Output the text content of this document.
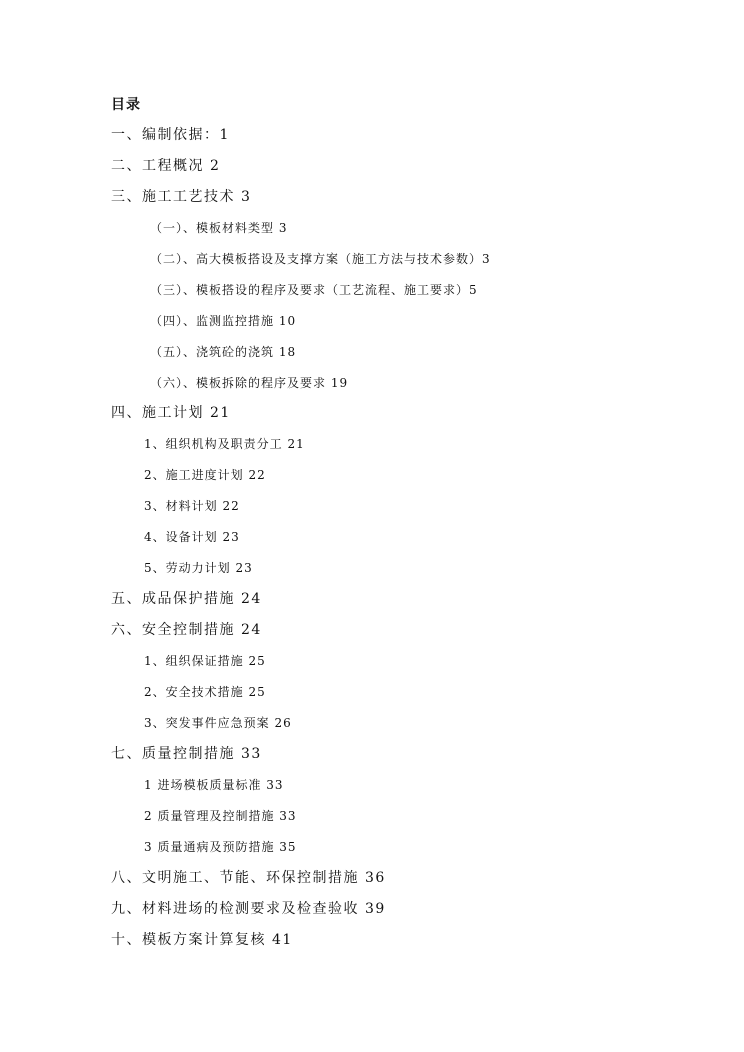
目录
一、编制依据：1
二、工程概况 2
三、施工工艺技术 3
（一）、模板材料类型 3
（二）、高大模板搭设及支撑方案（施工方法与技术参数）3
（三）、模板搭设的程序及要求（工艺流程、施工要求）5
（四）、监测监控措施 10
（五）、浇筑砼的浇筑 18
（六）、模板拆除的程序及要求 19
四、施工计划 21
1、组织机构及职责分工 21
2、施工进度计划 22
3、材料计划 22
4、设备计划 23
5、劳动力计划 23
五、成品保护措施 24
六、安全控制措施 24
1、组织保证措施 25
2、安全技术措施 25
3、突发事件应急预案 26
七、质量控制措施 33
1 进场模板质量标准 33
2 质量管理及控制措施 33
3 质量通病及预防措施 35
八、文明施工、节能、环保控制措施 36
九、材料进场的检测要求及检查验收 39
十、模板方案计算复核 41
